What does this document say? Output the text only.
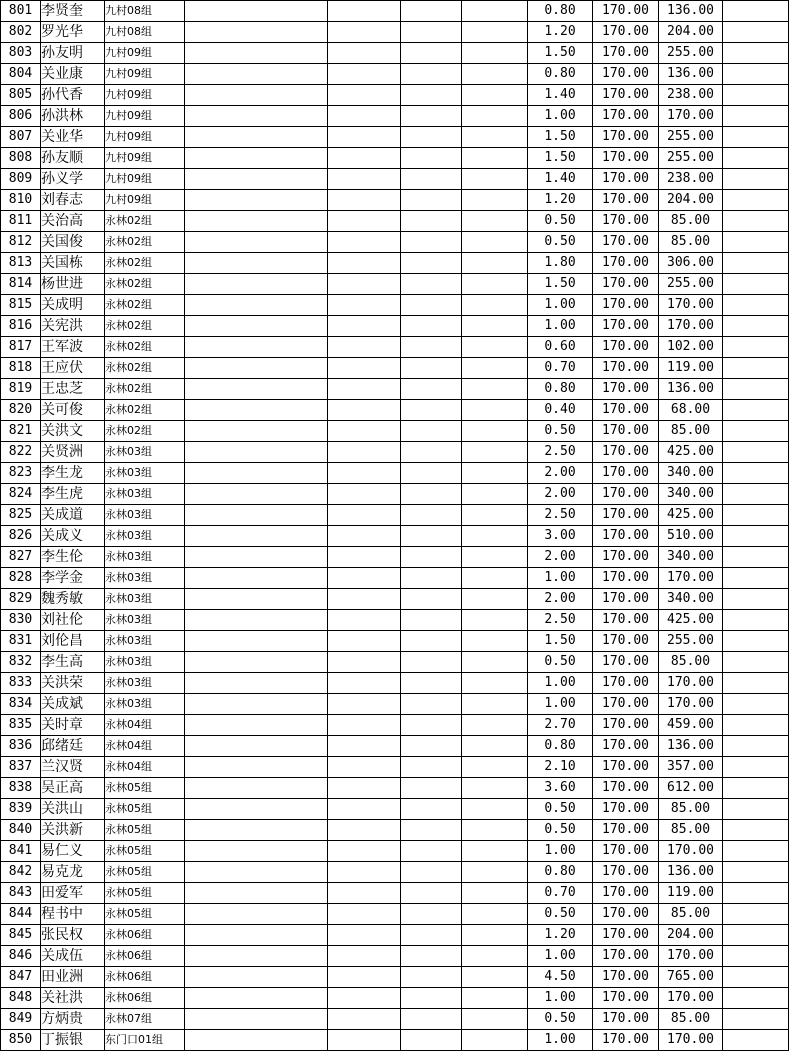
801	李贤奎	九村08组					0.80	170.00	136.00	
802	罗光华	九村08组					1.20	170.00	204.00	
803	孙友明	九村09组					1.50	170.00	255.00	
804	关业康	九村09组					0.80	170.00	136.00	
805	孙代香	九村09组					1.40	170.00	238.00	
806	孙洪林	九村09组					1.00	170.00	170.00	
807	关业华	九村09组					1.50	170.00	255.00	
808	孙友顺	九村09组					1.50	170.00	255.00	
809	孙义学	九村09组					1.40	170.00	238.00	
810	刘春志	九村09组					1.20	170.00	204.00	
811	关治高	永林02组					0.50	170.00	85.00	
812	关国俊	永林02组					0.50	170.00	85.00	
813	关国栋	永林02组					1.80	170.00	306.00	
814	杨世进	永林02组					1.50	170.00	255.00	
815	关成明	永林02组					1.00	170.00	170.00	
816	关宪洪	永林02组					1.00	170.00	170.00	
817	王军波	永林02组					0.60	170.00	102.00	
818	王应伏	永林02组					0.70	170.00	119.00	
819	王忠芝	永林02组					0.80	170.00	136.00	
820	关可俊	永林02组					0.40	170.00	68.00	
821	关洪文	永林02组					0.50	170.00	85.00	
822	关贤洲	永林03组					2.50	170.00	425.00	
823	李生龙	永林03组					2.00	170.00	340.00	
824	李生虎	永林03组					2.00	170.00	340.00	
825	关成道	永林03组					2.50	170.00	425.00	
826	关成义	永林03组					3.00	170.00	510.00	
827	李生伦	永林03组					2.00	170.00	340.00	
828	李学金	永林03组					1.00	170.00	170.00	
829	魏秀敏	永林03组					2.00	170.00	340.00	
830	刘社伦	永林03组					2.50	170.00	425.00	
831	刘伦昌	永林03组					1.50	170.00	255.00	
832	李生高	永林03组					0.50	170.00	85.00	
833	关洪荣	永林03组					1.00	170.00	170.00	
834	关成斌	永林03组					1.00	170.00	170.00	
835	关时章	永林04组					2.70	170.00	459.00	
836	邱绪廷	永林04组					0.80	170.00	136.00	
837	兰汉贤	永林04组					2.10	170.00	357.00	
838	吴正高	永林05组					3.60	170.00	612.00	
839	关洪山	永林05组					0.50	170.00	85.00	
840	关洪新	永林05组					0.50	170.00	85.00	
841	易仁义	永林05组					1.00	170.00	170.00	
842	易克龙	永林05组					0.80	170.00	136.00	
843	田爱军	永林05组					0.70	170.00	119.00	
844	程书中	永林05组					0.50	170.00	85.00	
845	张民权	永林06组					1.20	170.00	204.00	
846	关成伍	永林06组					1.00	170.00	170.00	
847	田业洲	永林06组					4.50	170.00	765.00	
848	关社洪	永林06组					1.00	170.00	170.00	
849	方炳贵	永林07组					0.50	170.00	85.00	
850	丁振银	东门口01组					1.00	170.00	170.00	
